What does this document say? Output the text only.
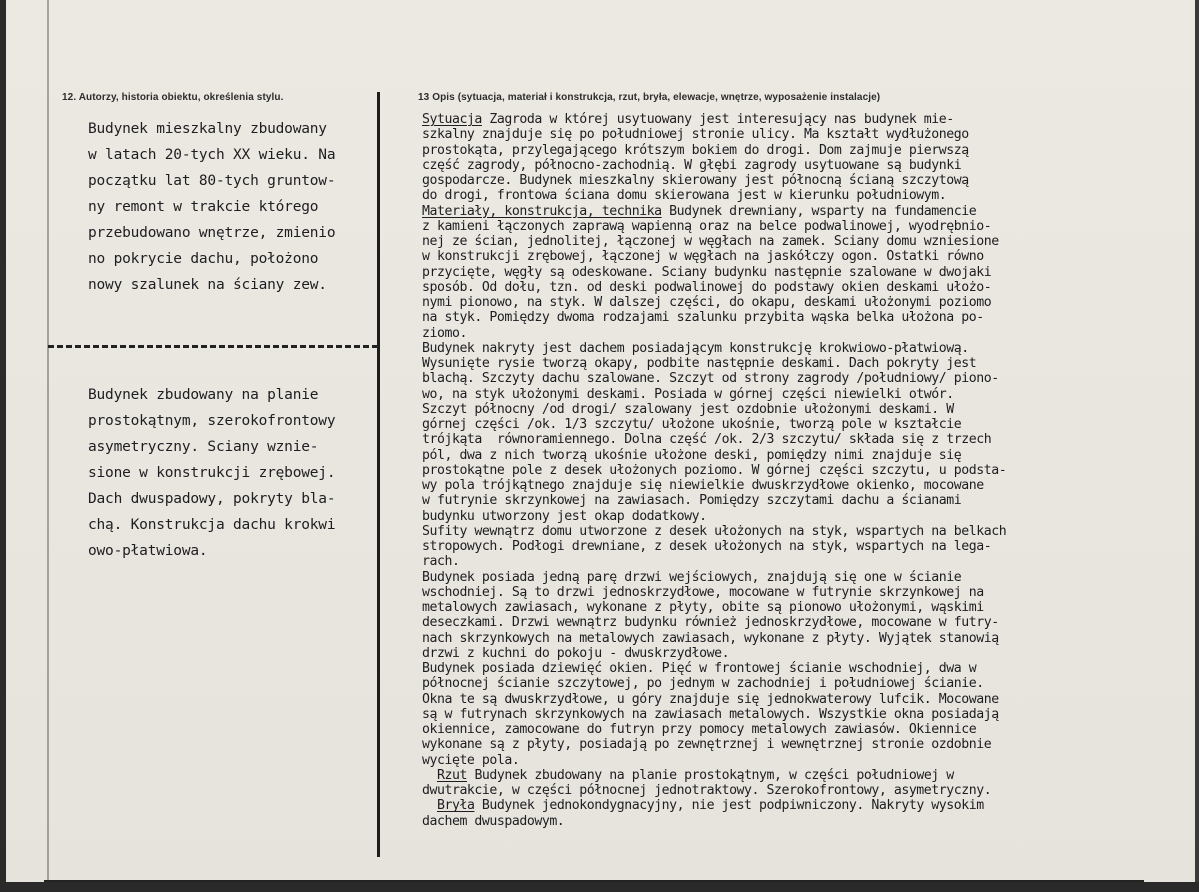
12. Autorzy, historia obiektu, określenia stylu.	13 Opis (sytuacja, materiał i konstrukcja, rzut, bryła, elewacje, wnętrze, wyposażenie instalacje)
Budynek mieszkalny zbudowany
w latach 20-tych XX wieku. Na
początku lat 80-tych gruntow-
ny remont w trakcie którego
przebudowano wnętrze, zmienio
no pokrycie dachu, położono
nowy szalunek na ściany zew.
Budynek zbudowany na planie
prostokątnym, szerokofrontowy
asymetryczny. Sciany wznie-
sione w konstrukcji zrębowej.
Dach dwuspadowy, pokryty bla-
chą. Konstrukcja dachu krokwi
owo-płatwiowa.
Sytuacja Zagroda w której usytuowany jest interesujący nas budynek mie-
szkalny znajduje się po południowej stronie ulicy. Ma kształt wydłużonego
prostokąta, przylegającego krótszym bokiem do drogi. Dom zajmuje pierwszą
część zagrody, północno-zachodnią. W głębi zagrody usytuowane są budynki
gospodarcze. Budynek mieszkalny skierowany jest północną ścianą szczytową
do drogi, frontowa ściana domu skierowana jest w kierunku południowym.
Materiały, konstrukcja, technika Budynek drewniany, wsparty na fundamencie
z kamieni łączonych zaprawą wapienną oraz na belce podwalinowej, wyodrębnio-
nej ze ścian, jednolitej, łączonej w węgłach na zamek. Sciany domu wzniesione
w konstrukcji zrębowej, łączonej w węgłach na jaskółczy ogon. Ostatki równo
przycięte, węgły są odeskowane. Sciany budynku następnie szalowane w dwojaki
sposób. Od dołu, tzn. od deski podwalinowej do podstawy okien deskami ułożo-
nymi pionowo, na styk. W dalszej części, do okapu, deskami ułożonymi poziomo
na styk. Pomiędzy dwoma rodzajami szalunku przybita wąska belka ułożona po-
ziomo.
Budynek nakryty jest dachem posiadającym konstrukcję krokwiowo-płatwiową.
Wysunięte rysie tworzą okapy, podbite następnie deskami. Dach pokryty jest
blachą. Szczyty dachu szalowane. Szczyt od strony zagrody /południowy/ piono-
wo, na styk ułożonymi deskami. Posiada w górnej części niewielki otwór.
Szczyt północny /od drogi/ szalowany jest ozdobnie ułożonymi deskami. W
górnej części /ok. 1/3 szczytu/ ułożone ukośnie, tworzą pole w kształcie
trójkąta  równoramiennego. Dolna część /ok. 2/3 szczytu/ składa się z trzech
pól, dwa z nich tworzą ukośnie ułożone deski, pomiędzy nimi znajduje się
prostokątne pole z desek ułożonych poziomo. W górnej części szczytu, u podsta-
wy pola trójkątnego znajduje się niewielkie dwuskrzydłowe okienko, mocowane
w futrynie skrzynkowej na zawiasach. Pomiędzy szczytami dachu a ścianami
budynku utworzony jest okap dodatkowy.
Sufity wewnątrz domu utworzone z desek ułożonych na styk, wspartych na belkach
stropowych. Podłogi drewniane, z desek ułożonych na styk, wspartych na lega-
rach.
Budynek posiada jedną parę drzwi wejściowych, znajdują się one w ścianie
wschodniej. Są to drzwi jednoskrzydłowe, mocowane w futrynie skrzynkowej na
metalowych zawiasach, wykonane z płyty, obite są pionowo ułożonymi, wąskimi
deseczkami. Drzwi wewnątrz budynku również jednoskrzydłowe, mocowane w futry-
nach skrzynkowych na metalowych zawiasach, wykonane z płyty. Wyjątek stanowią
drzwi z kuchni do pokoju - dwuskrzydłowe.
Budynek posiada dziewięć okien. Pięć w frontowej ścianie wschodniej, dwa w
północnej ścianie szczytowej, po jednym w zachodniej i południowej ścianie.
Okna te są dwuskrzydłowe, u góry znajduje się jednokwaterowy lufcik. Mocowane
są w futrynach skrzynkowych na zawiasach metalowych. Wszystkie okna posiadają
okiennice, zamocowane do futryn przy pomocy metalowych zawiasów. Okiennice
wykonane są z płyty, posiadają po zewnętrznej i wewnętrznej stronie ozdobnie
wycięte pola.
Rzut Budynek zbudowany na planie prostokątnym, w części południowej w
dwutrakcie, w części północnej jednotraktowy. Szerokofrontowy, asymetryczny.
Bryła Budynek jednokondygnacyjny, nie jest podpiwniczony. Nakryty wysokim
dachem dwuspadowym.
